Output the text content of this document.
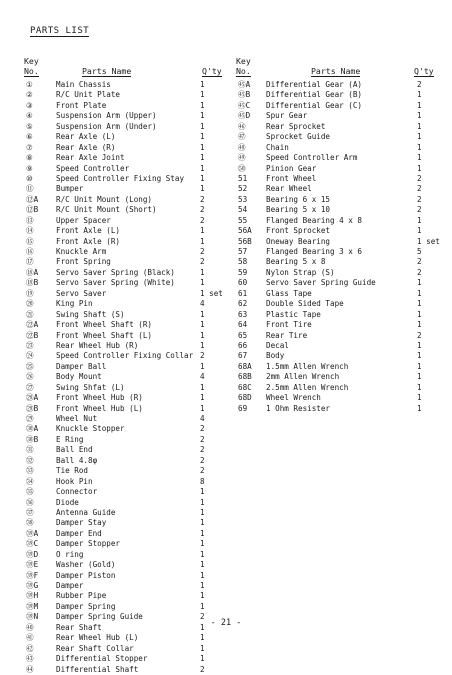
PARTS LIST
Key
No.	Parts Name	Q'ty
①	Main Chassis	1
②	R/C Unit Plate	1
③	Front Plate	1
④	Suspension Arm (Upper)	1
⑤	Suspension Arm (Under)	1
⑥	Rear Axle (L)	1
⑦	Rear Axle (R)	1
⑧	Rear Axle Joint	1
⑨	Speed Controller	1
⑩	Speed Controller Fixing Stay 1
⑪	Bumper	1
⑫A	R/C Unit Mount (Long)	2
⑫B	R/C Unit Mount (Short)	2
⑬	Upper Spacer	2
⑭	Front Axle (L)	1
⑮	Front Axle (R)	1
⑯	Knuckle Arm	2
⑰	Front Spring	2
⑱A	Servo Saver Spring (Black)	1
⑱B	Servo Saver Spring (White)	1
⑲	Servo Saver	1 set
⑳	King Pin	4
㉑	Swing Shaft (S)	1
㉒A	Front Wheel Shaft (R)	1
㉒B	Front Wheel Shaft (L)	1
㉓	Rear Wheel Hub (R)	1
㉔	Speed Controller Fixing Collar 2
㉕	Damper Ball	1
㉖	Body Mount	4
㉗	Swing Shfat (L)	1
㉘A	Front Wheel Hub (R)	1
㉘B	Front Wheel Hub (L)	1
㉙	Wheel Nut	4
㉚A	Knuckle Stopper	2
㉚B	E Ring	2
㉛	Ball End	2
㉜	Ball 4.8φ	2
㉝	Tie Rod	2
㉞	Hook Pin	8
㉟	Connector	1
㊱	Diode	1
㊲	Antenna Guide	1
㊳	Damper Stay	1
㊴A	Damper End	1
㊴C	Damper Stopper	1
㊴D	O ring	1
㊴E	Washer (Gold)	1
㊴F	Damper Piston	1
㊴G	Damper	1
㊴H	Rubber Pipe	1
㊴M	Damper Spring	1
㊴N	Damper Spring Guide	2
㊵	Rear Shaft	1
㊶	Rear Wheel Hub (L)	1
㊷	Rear Shaft Collar	1
㊸	Differential Stopper	1
㊹	Differential Shaft	2
Key
No.	Parts Name	Q'ty
㊺A	Differential Gear (A)	2
㊺B	Differential Gear (B)	1
㊺C	Differential Gear (C)	1
㊺D	Spur Gear	1
㊻	Rear Sprocket	1
㊼	Sprocket Guide	1
㊽	Chain	1
㊾	Speed Controller Arm	1
㊿	Pinion Gear	1
51	Front Wheel	2
52	Rear Wheel	2
53	Bearing 6 x 15	2
54	Bearing 5 x 10	2
55	Flanged Bearing 4 x 8	1
56A	Front Sprocket	1
56B	Oneway Bearing	1 set
57	Flanged Bearing 3 x 6	5
58	Bearing 5 x 8	2
59	Nylon Strap (S)	2
60	Servo Saver Spring Guide	1
61	Glass Tape	1
62	Double Sided Tape	1
63	Plastic Tape	1
64	Front Tire	1
65	Rear Tire	2
66	Decal	1
67	Body	1
68A	1.5mm Allen Wrench	1
68B	2mm Allen Wrench	1
68C	2.5mm Allen Wrench	1
68D	Wheel Wrench	1
69	1 Ohm Resister	1
- 21 -
